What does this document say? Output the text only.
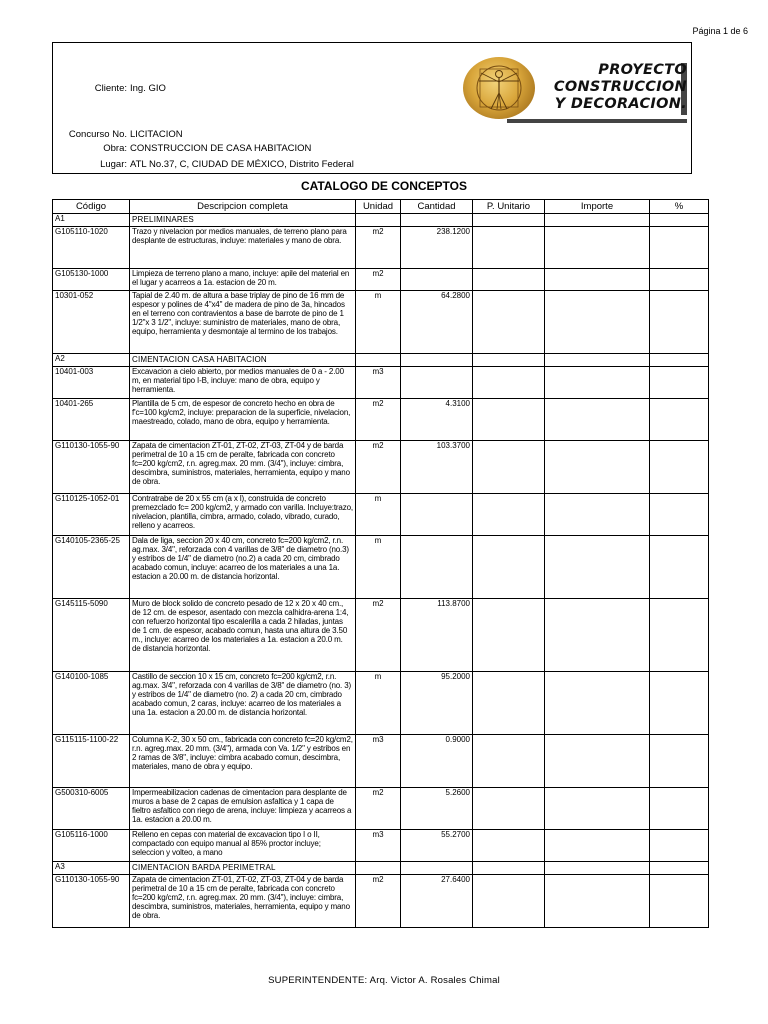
Página 1 de 6
Cliente: Ing. GIO
Concurso No. LICITACION
Obra: CONSTRUCCION DE CASA HABITACION
Lugar: ATL No.37, C, CIUDAD DE MÉXICO, Distrito Federal
PROYECTO
CONSTRUCCION
Y DECORACION.
CATALOGO DE CONCEPTOS
Código	Descripcion completa	Unidad	Cantidad	P. Unitario	Importe	%
A1	PRELIMINARES					
G105110-1020	Trazo y nivelacion por medios manuales, de terreno plano para desplante de estructuras, incluye: materiales y mano de obra.	m2	238.1200			
G105130-1000	Limpieza de terreno plano a mano, incluye: apile del material en el lugar y acarreos a 1a. estacion de 20 m.	m2				
10301-052	Tapial de 2.40 m. de altura a base triplay de pino de 16 mm de espesor y polines de 4"x4" de madera de pino de 3a, hincados en el terreno con contravientos a base de barrote de pino de 1 1/2"x 3 1/2", incluye: suministro de materiales, mano de obra, equipo, herramienta y desmontaje al termino de los trabajos.	m	64.2800			
A2	CIMENTACION CASA HABITACION					
10401-003	Excavacion a cielo abierto, por medios manuales de 0 a - 2.00 m, en material tipo I-B, incluye: mano de obra, equipo y herramienta.	m3				
10401-265	Plantilla de 5 cm, de espesor de concreto hecho en obra de f'c=100 kg/cm2, incluye: preparacion de la superficie, nivelacion, maestreado, colado, mano de obra, equipo y herramienta.	m2	4.3100			
G110130-1055-90	Zapata de cimentacion ZT-01, ZT-02, ZT-03, ZT-04 y de barda perimetral de 10 a 15 cm de peralte, fabricada con concreto fc=200 kg/cm2, r.n. agreg.max. 20 mm. (3/4"), incluye: cimbra, descimbra, suministros, materiales, herramienta, equipo y mano de obra.	m2	103.3700			
G110125-1052-01	Contratrabe de 20 x 55 cm (a x l), construida de concreto premezclado fc= 200 kg/cm2, y armado con varilla. Incluye:trazo, nivelacion, plantilla, cimbra, armado, colado, vibrado, curado, relleno y acarreos.	m				
G140105-2365-25	Dala de liga, seccion 20 x 40 cm, concreto fc=200 kg/cm2, r.n. ag.max. 3/4", reforzada con 4 varillas de 3/8" de diametro (no.3) y estribos de 1/4" de diametro (no.2) a cada 20 cm, cimbrado acabado comun, incluye: acarreo de los materiales a una 1a. estacion a 20.00 m. de distancia horizontal.	m				
G145115-5090	Muro de block solido de concreto pesado de 12 x 20 x 40 cm., de 12 cm. de espesor, asentado con mezcla calhidra-arena 1:4, con refuerzo horizontal tipo escalerilla a cada 2 hiladas, juntas de 1 cm. de espesor, acabado comun, hasta una altura de 3.50 m., incluye: acarreo de los materiales a 1a. estacion a 20.0 m. de distancia horizontal.	m2	113.8700			
G140100-1085	Castillo de seccion 10 x 15 cm, concreto fc=200 kg/cm2, r.n. ag.max. 3/4", reforzada con 4 varillas de 3/8" de diametro (no. 3) y estribos de 1/4" de diametro (no. 2) a cada 20 cm, cimbrado acabado comun, 2 caras, incluye: acarreo de los materiales a una 1a. estacion a 20.00 m. de distancia horizontal.	m	95.2000			
G115115-1100-22	Columna K-2, 30 x 50 cm., fabricada con concreto fc=20 kg/cm2, r.n. agreg.max. 20 mm. (3/4"), armada con Va. 1/2" y estribos en 2 ramas de 3/8", incluye: cimbra acabado comun, descimbra, materiales, mano de obra y equipo.	m3	0.9000			
G500310-6005	Impermeabilizacion cadenas de cimentacion para desplante de muros a base de 2 capas de emulsion asfaltica y 1 capa de fieltro asfaltico con riego de arena, incluye: limpieza y acarreos a 1a. estacion a 20.00 m.	m2	5.2600			
G105116-1000	Relleno en cepas con material de excavacion tipo I o II, compactado con equipo manual al 85% proctor incluye; seleccion y volteo, a mano	m3	55.2700			
A3	CIMENTACION BARDA PERIMETRAL					
G110130-1055-90	Zapata de cimentacion ZT-01, ZT-02, ZT-03, ZT-04 y de barda perimetral de 10 a 15 cm de peralte, fabricada con concreto fc=200 kg/cm2, r.n. agreg.max. 20 mm. (3/4"), incluye: cimbra, descimbra, suministros, materiales, herramienta, equipo y mano de obra.	m2	27.6400			
SUPERINTENDENTE: Arq. Victor A. Rosales Chimal
